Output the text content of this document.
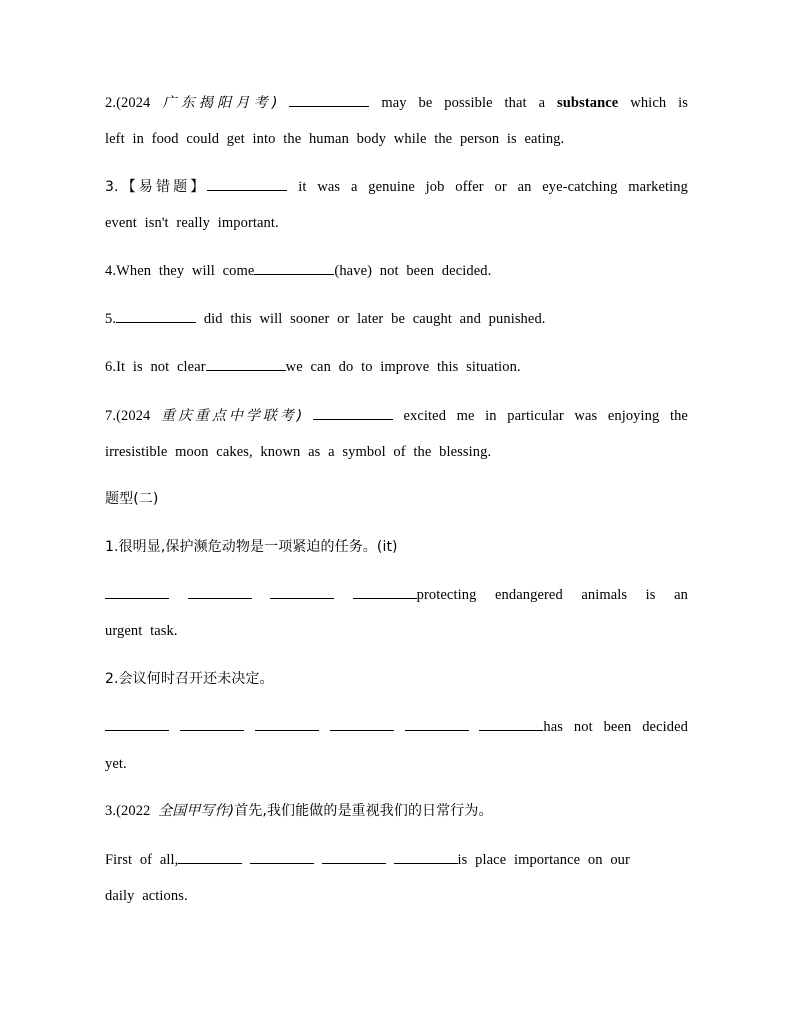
2.(2024 广东揭阳月考)	may be possible that a substance which is
left in food could get into the human body while the person is eating.
3.【易错题】	it was a genuine job offer or an eye-catching marketing
event isn't really important.
4.When they will come	(have) not been decided.
5.	did this will sooner or later be caught and punished.
6.It is not clear	we can do to improve this situation.
7.(2024 重庆重点中学联考)	excited me in particular was enjoying the
irresistible moon cakes, known as a symbol of the blessing.
题型(二)
1.很明显,保护濒危动物是一项紧迫的任务。(it)
protecting endangered animals is an
urgent task.
2.会议何时召开还未决定。
has not been decided
yet.
3.(2022 全国甲写作)首先,我们能做的是重视我们的日常行为。
First of all,	is place importance on our
daily actions.
